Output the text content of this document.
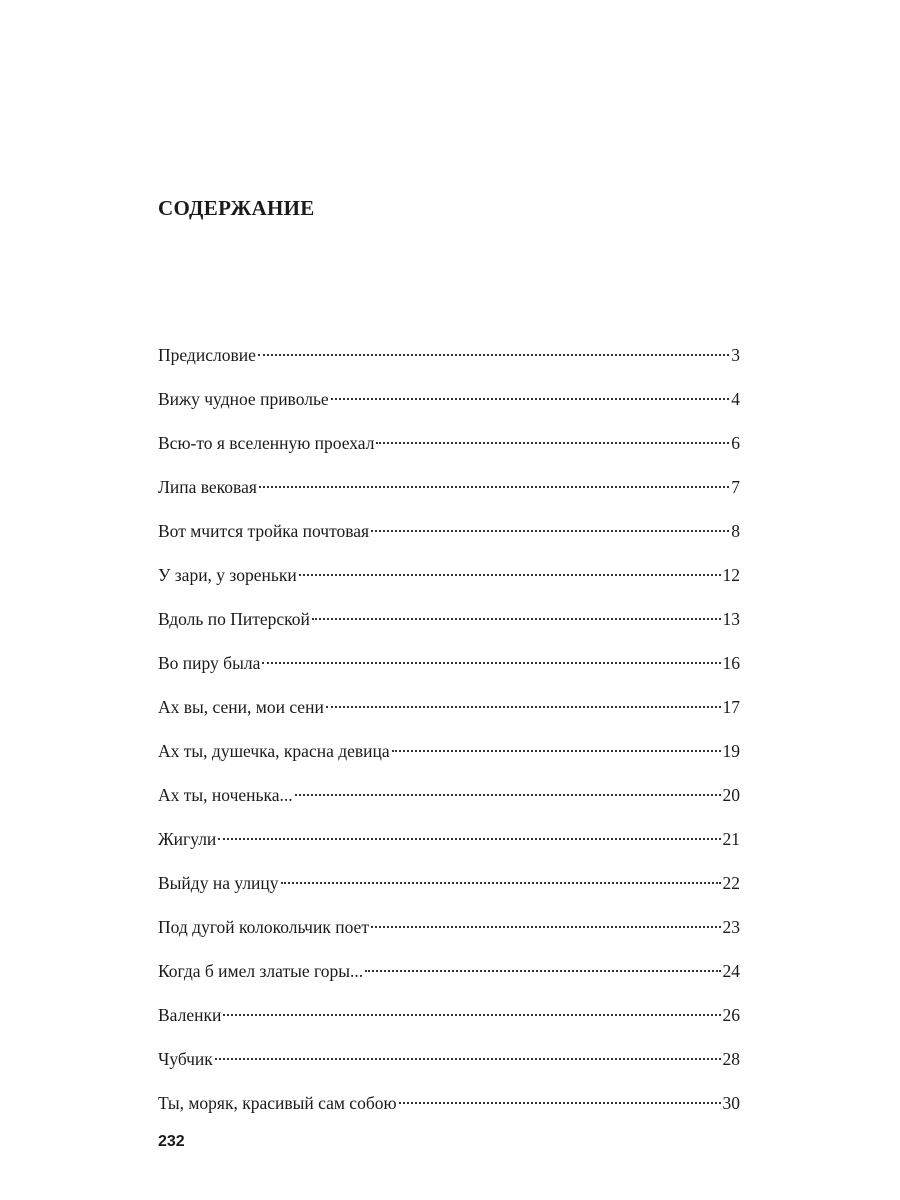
СОДЕРЖАНИЕ
Предисловие	3
Вижу чудное приволье	4
Всю-то я вселенную проехал	6
Липа вековая	7
Вот мчится тройка почтовая	8
У зари, у зореньки	12
Вдоль по Питерской	13
Во пиру была	16
Ах вы, сени, мои сени	17
Ах ты, душечка, красна девица	19
Ах ты, ноченька...	20
Жигули	21
Выйду на улицу	22
Под дугой колокольчик поет	23
Когда б имел златые горы...	24
Валенки	26
Чубчик	28
Ты, моряк, красивый сам собою	30
232
